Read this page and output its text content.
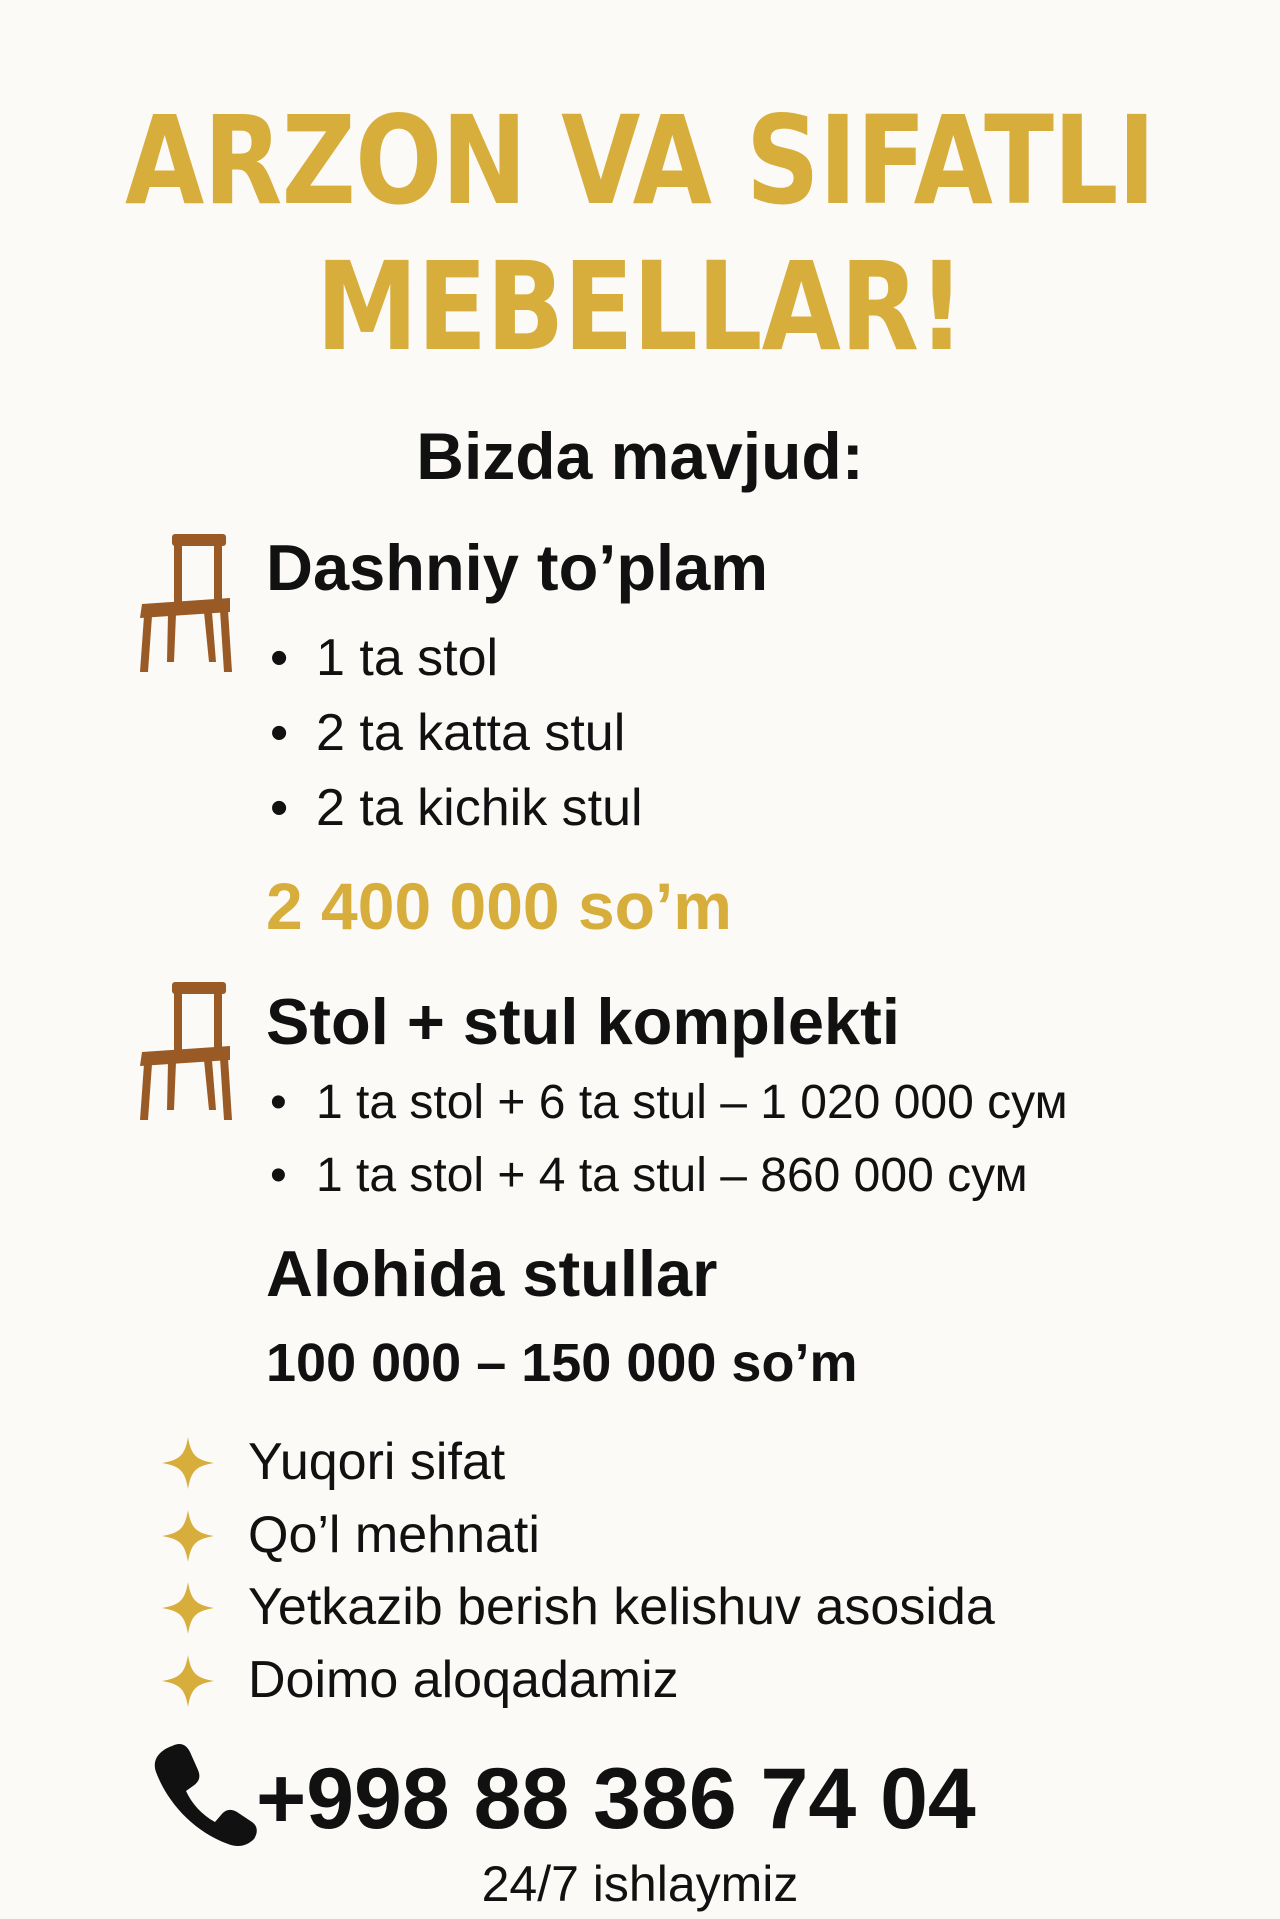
ARZON VA SIFATLI
MEBELLAR!
Bizda mavjud:
Dashniy to’plam
• 1 ta stol
• 2 ta katta stul
• 2 ta kichik stul
2 400 000 so’m
Stol + stul komplekti
• 1 ta stol + 6 ta stul – 1 020 000 сум
• 1 ta stol + 4 ta stul – 860 000 сум
Alohida stullar
100 000 – 150 000 so’m
Yuqori sifat
Qo’l mehnati
Yetkazib berish kelishuv asosida
Doimo aloqadamiz
+998 88 386 74 04
24/7 ishlaymiz
